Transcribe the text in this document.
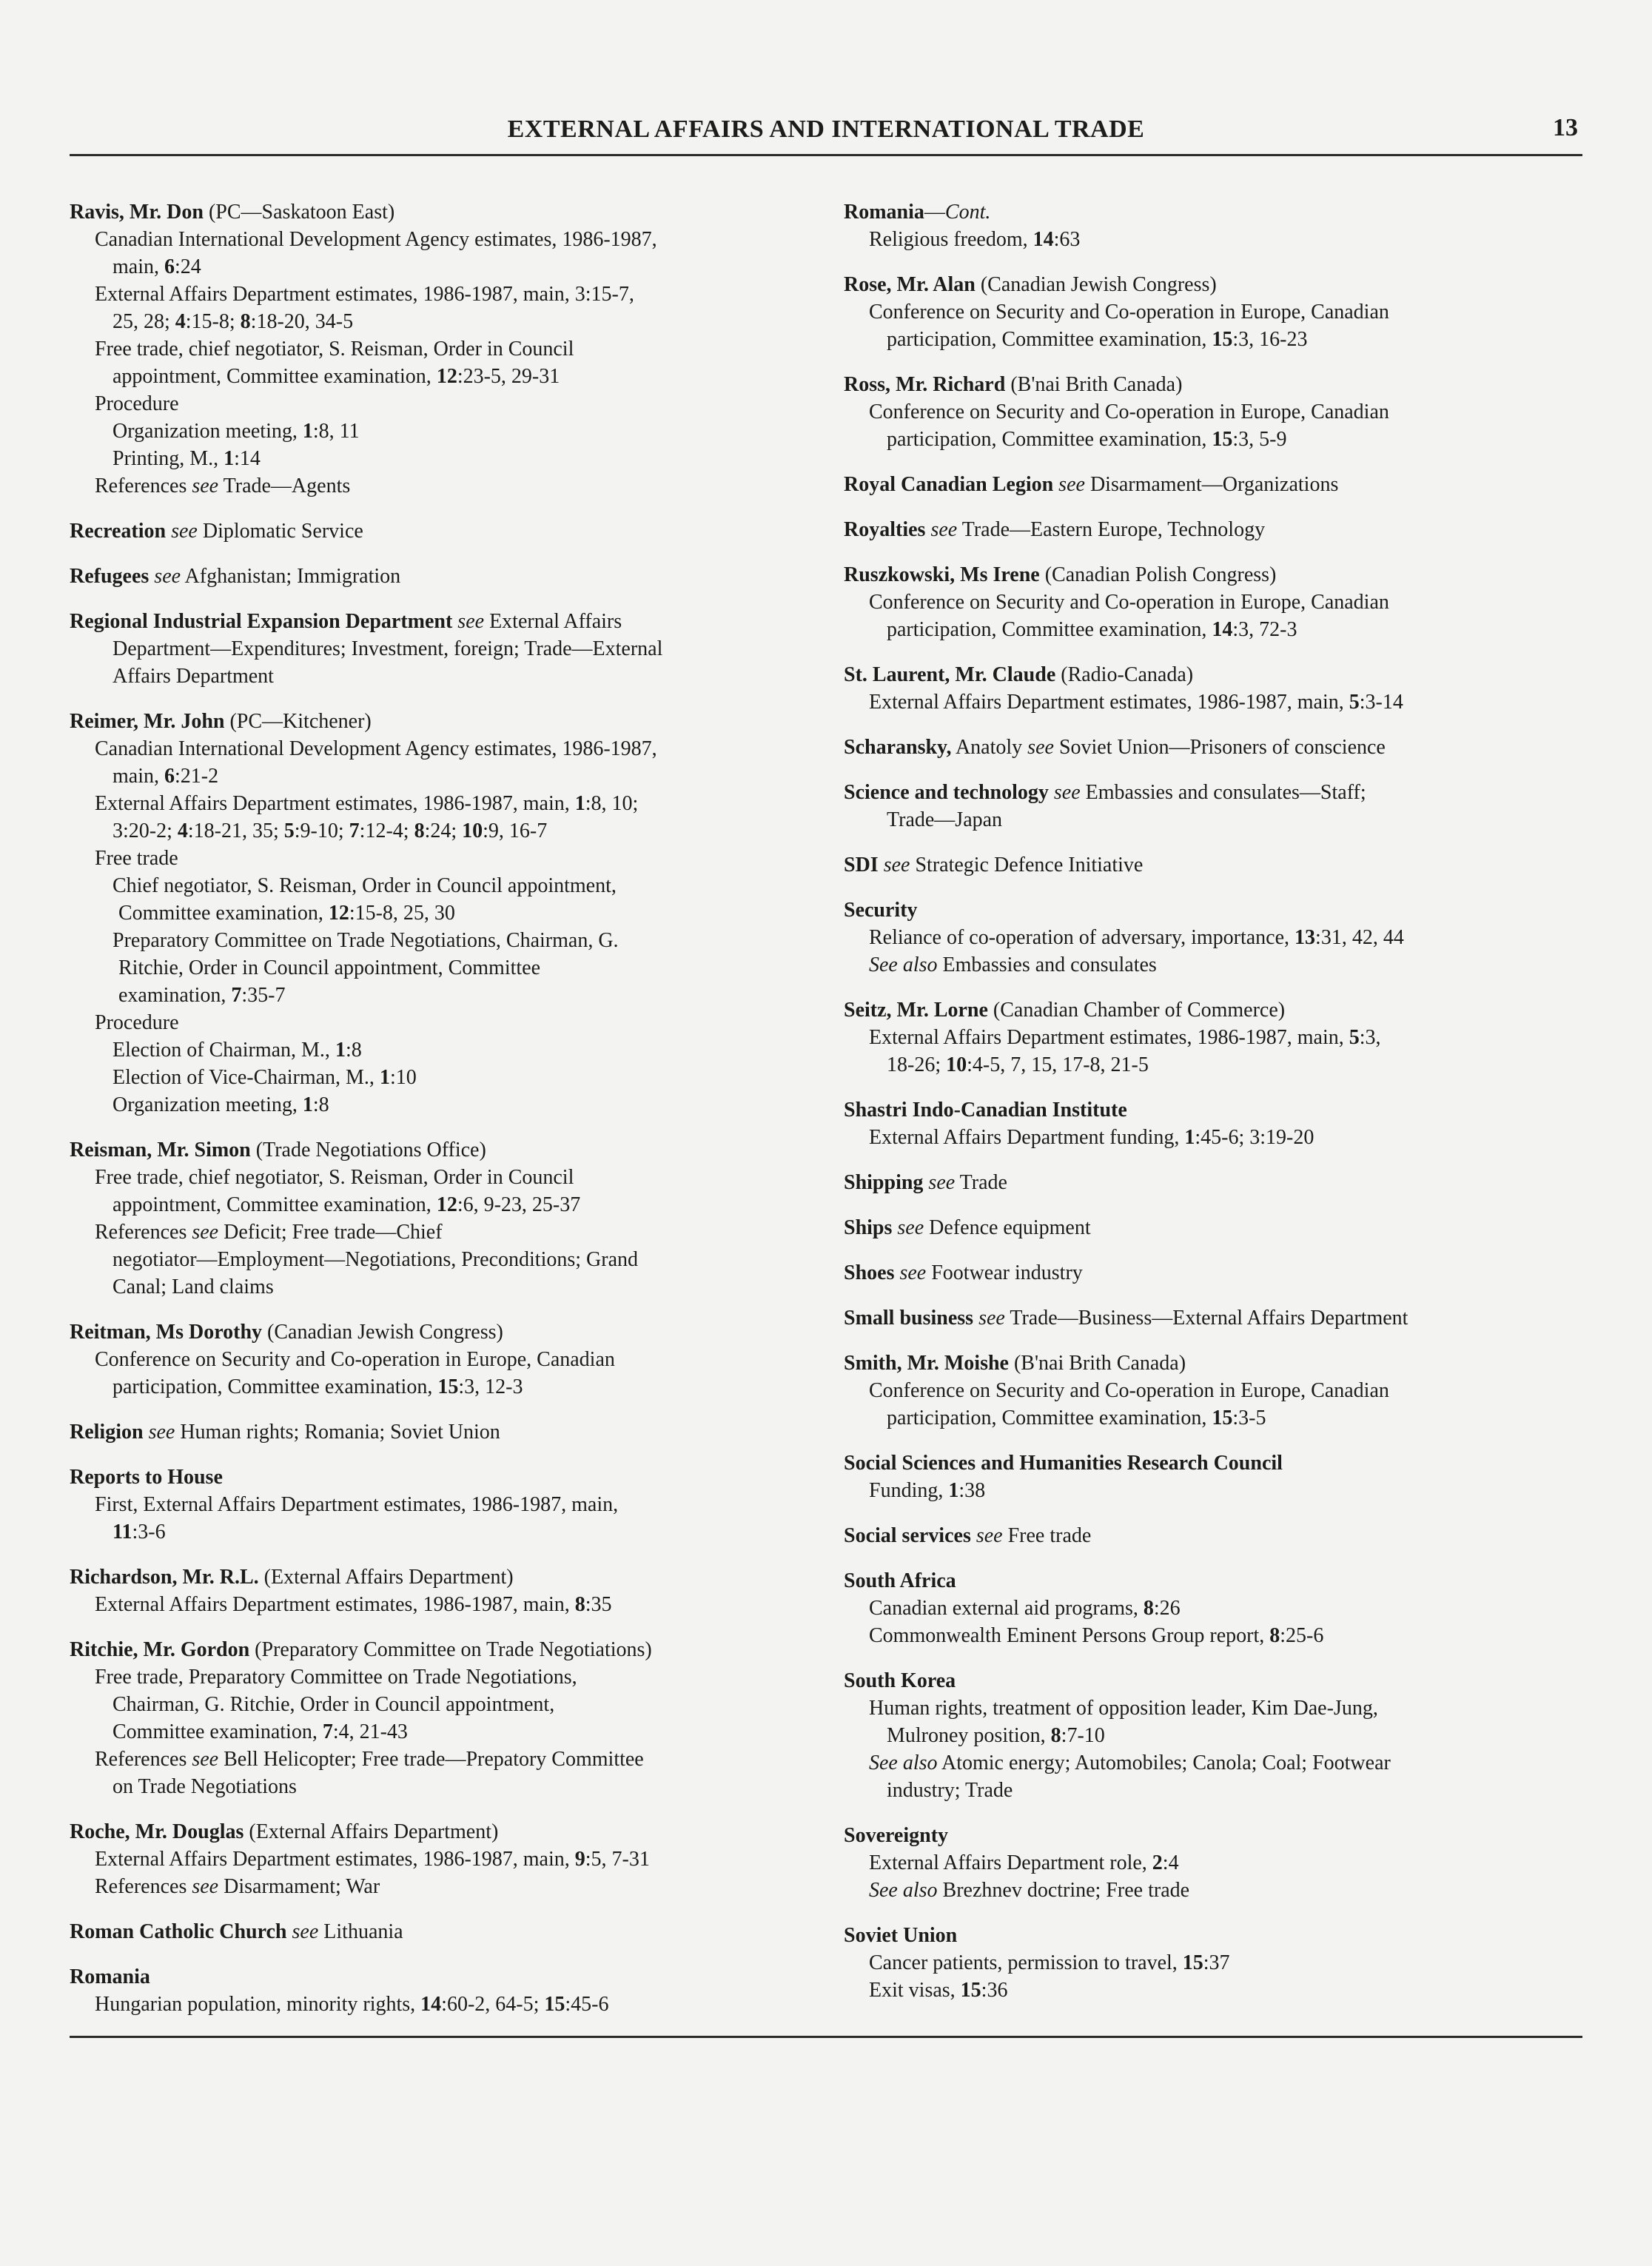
EXTERNAL AFFAIRS AND INTERNATIONAL TRADE	13
Ravis, Mr. Don (PC—Saskatoon East)
Canadian International Development Agency estimates, 1986-1987,
main, 6:24
External Affairs Department estimates, 1986-1987, main, 3:15-7,
25, 28; 4:15-8; 8:18-20, 34-5
Free trade, chief negotiator, S. Reisman, Order in Council
appointment, Committee examination, 12:23-5, 29-31
Procedure
Organization meeting, 1:8, 11
Printing, M., 1:14
References see Trade—Agents
Recreation see Diplomatic Service
Refugees see Afghanistan; Immigration
Regional Industrial Expansion Department see External Affairs
Department—Expenditures; Investment, foreign; Trade—External
Affairs Department
Reimer, Mr. John (PC—Kitchener)
Canadian International Development Agency estimates, 1986-1987,
main, 6:21-2
External Affairs Department estimates, 1986-1987, main, 1:8, 10;
3:20-2; 4:18-21, 35; 5:9-10; 7:12-4; 8:24; 10:9, 16-7
Free trade
Chief negotiator, S. Reisman, Order in Council appointment,
Committee examination, 12:15-8, 25, 30
Preparatory Committee on Trade Negotiations, Chairman, G.
Ritchie, Order in Council appointment, Committee
examination, 7:35-7
Procedure
Election of Chairman, M., 1:8
Election of Vice-Chairman, M., 1:10
Organization meeting, 1:8
Reisman, Mr. Simon (Trade Negotiations Office)
Free trade, chief negotiator, S. Reisman, Order in Council
appointment, Committee examination, 12:6, 9-23, 25-37
References see Deficit; Free trade—Chief
negotiator—Employment—Negotiations, Preconditions; Grand
Canal; Land claims
Reitman, Ms Dorothy (Canadian Jewish Congress)
Conference on Security and Co-operation in Europe, Canadian
participation, Committee examination, 15:3, 12-3
Religion see Human rights; Romania; Soviet Union
Reports to House
First, External Affairs Department estimates, 1986-1987, main,
11:3-6
Richardson, Mr. R.L. (External Affairs Department)
External Affairs Department estimates, 1986-1987, main, 8:35
Ritchie, Mr. Gordon (Preparatory Committee on Trade Negotiations)
Free trade, Preparatory Committee on Trade Negotiations,
Chairman, G. Ritchie, Order in Council appointment,
Committee examination, 7:4, 21-43
References see Bell Helicopter; Free trade—Prepatory Committee
on Trade Negotiations
Roche, Mr. Douglas (External Affairs Department)
External Affairs Department estimates, 1986-1987, main, 9:5, 7-31
References see Disarmament; War
Roman Catholic Church see Lithuania
Romania
Hungarian population, minority rights, 14:60-2, 64-5; 15:45-6
Romania—Cont.
Religious freedom, 14:63
Rose, Mr. Alan (Canadian Jewish Congress)
Conference on Security and Co-operation in Europe, Canadian
participation, Committee examination, 15:3, 16-23
Ross, Mr. Richard (B'nai Brith Canada)
Conference on Security and Co-operation in Europe, Canadian
participation, Committee examination, 15:3, 5-9
Royal Canadian Legion see Disarmament—Organizations
Royalties see Trade—Eastern Europe, Technology
Ruszkowski, Ms Irene (Canadian Polish Congress)
Conference on Security and Co-operation in Europe, Canadian
participation, Committee examination, 14:3, 72-3
St. Laurent, Mr. Claude (Radio-Canada)
External Affairs Department estimates, 1986-1987, main, 5:3-14
Scharansky, Anatoly see Soviet Union—Prisoners of conscience
Science and technology see Embassies and consulates—Staff;
Trade—Japan
SDI see Strategic Defence Initiative
Security
Reliance of co-operation of adversary, importance, 13:31, 42, 44
See also Embassies and consulates
Seitz, Mr. Lorne (Canadian Chamber of Commerce)
External Affairs Department estimates, 1986-1987, main, 5:3,
18-26; 10:4-5, 7, 15, 17-8, 21-5
Shastri Indo-Canadian Institute
External Affairs Department funding, 1:45-6; 3:19-20
Shipping see Trade
Ships see Defence equipment
Shoes see Footwear industry
Small business see Trade—Business—External Affairs Department
Smith, Mr. Moishe (B'nai Brith Canada)
Conference on Security and Co-operation in Europe, Canadian
participation, Committee examination, 15:3-5
Social Sciences and Humanities Research Council
Funding, 1:38
Social services see Free trade
South Africa
Canadian external aid programs, 8:26
Commonwealth Eminent Persons Group report, 8:25-6
South Korea
Human rights, treatment of opposition leader, Kim Dae-Jung,
Mulroney position, 8:7-10
See also Atomic energy; Automobiles; Canola; Coal; Footwear
industry; Trade
Sovereignty
External Affairs Department role, 2:4
See also Brezhnev doctrine; Free trade
Soviet Union
Cancer patients, permission to travel, 15:37
Exit visas, 15:36
